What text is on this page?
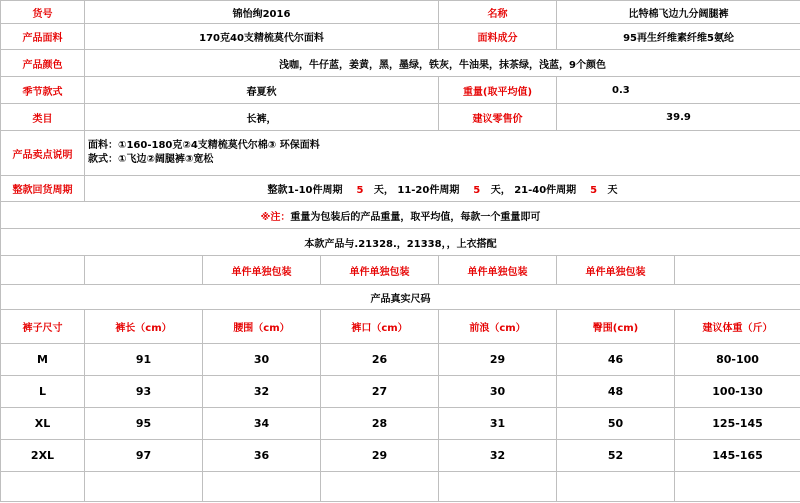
货号	锦怡绚2016			名称	比特棉飞边九分阔腿裤	
产品面料	170克40支精梳莫代尔面料			面料成分	95再生纤维素纤维5氨纶	
产品颜色	浅咖，牛仔蓝，姜黄，黑，墨绿，铁灰，牛油果，抹茶绿，浅蓝，9个颜色					
季节款式	春夏秋			重量(取平均值)	0.3	
类目	长裤，			建议零售价	39.9	
产品卖点说明	面料：①160-180克②4支精梳莫代尔棉③ 环保面料
款式：①飞边②阔腿裤③宽松					

整款回货周期	整款1-10件周期 5 天， 11-20件周期 5 天， 21-40件周期 5 天					
※注：重量为包装后的产品重量，取平均值，每款一个重量即可						
本款产品与.21328.，21338，，上衣搭配						
		单件单独包装	单件单独包装	单件单独包装	单件单独包装	
产品真实尺码						
裤子尺寸	裤长（cm）	腰围（cm）	裤口（cm）	前浪（cm）	臀围(cm)	建议体重（斤）
M	91	30	26	29	46	80-100
L	93	32	27	30	48	100-130
XL	95	34	28	31	50	125-145
2XL	97	36	29	32	52	145-165
